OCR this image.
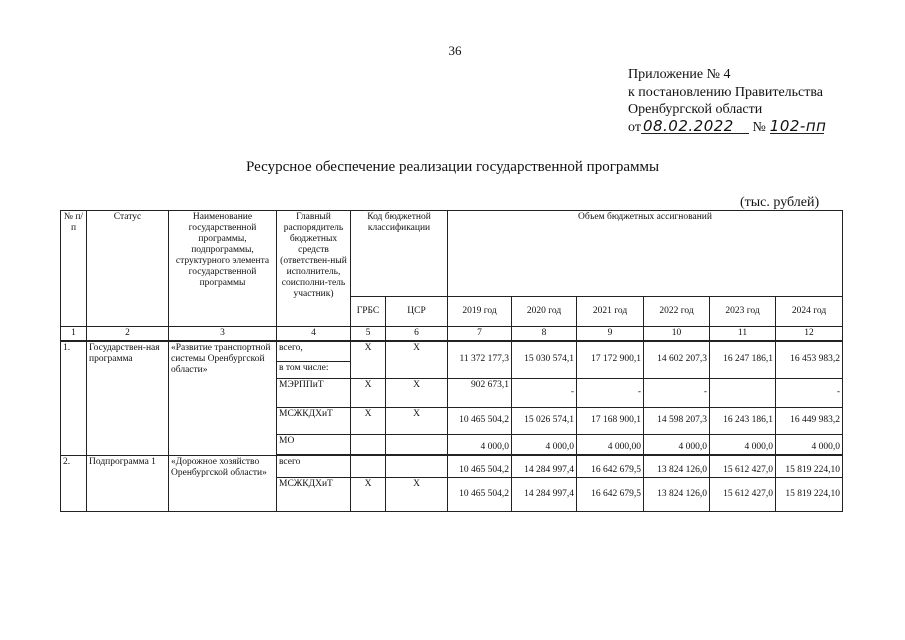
36
Приложение № 4
к постановлению Правительства
Оренбургской области
от 08.02.2022 № 102-пп
Ресурсное обеспечение реализации государственной программы
(тыс. рублей)
№ п/п	Статус	Наименование государственной программы, подпрограммы, структурного элемента государственной программы	Главный распорядитель бюджетных средств (ответствен-ный исполнитель, соисполни-тель участник)	Код бюджетной классификации		Объем бюджетных ассигнований					
				ГРБС	ЦСР	2019 год	2020 год	2021 год	2022 год	2023 год	2024 год
1	2	3	4	5	6	7	8	9	10	11	12
1.	Государствен-ная программа	«Развитие транспортной системы Оренбургской области»	всего,	Х	Х	11 372 177,3	15 030 574,1	17 172 900,1	14 602 207,3	16 247 186,1	16 453 983,2
			в том числе:								
			МЭРППиТ	Х	Х	902 673,1	-	-	-		-
			МСЖКДХиТ	Х	Х	10 465 504,2	15 026 574,1	17 168 900,1	14 598 207,3	16 243 186,1	16 449 983,2
			МО			4 000,0	4 000,0	4 000,00	4 000,0	4 000,0	4 000,0
2.	Подпрограмма 1	«Дорожное хозяйство Оренбургской области»	всего			10 465 504,2	14 284 997,4	16 642 679,5	13 824 126,0	15 612 427,0	15 819 224,10
			МСЖКДХиТ	Х	Х	10 465 504,2	14 284 997,4	16 642 679,5	13 824 126,0	15 612 427,0	15 819 224,10
